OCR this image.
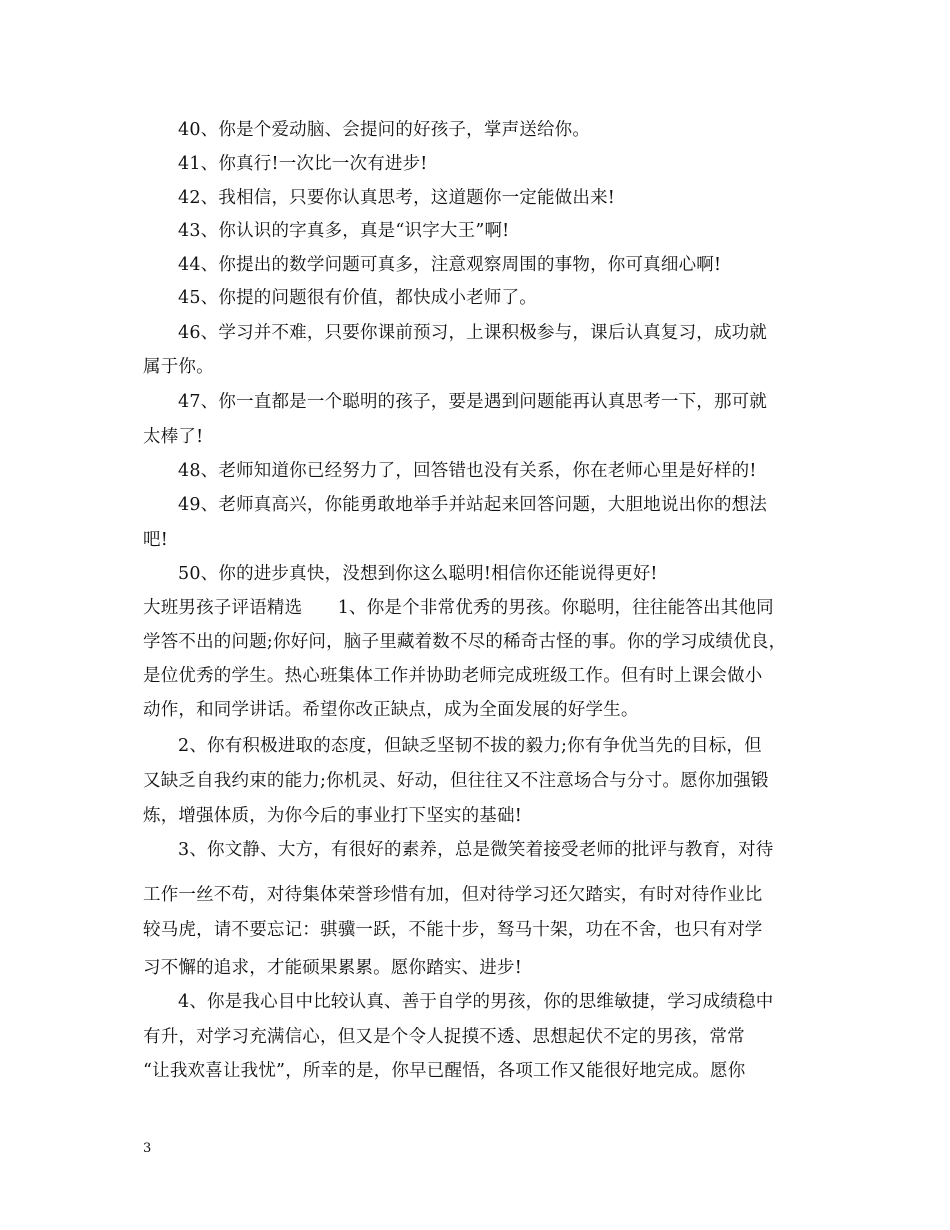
40、你是个爱动脑、会提问的好孩子，掌声送给你。
41、你真行!一次比一次有进步!
42、我相信，只要你认真思考，这道题你一定能做出来!
43、你认识的字真多，真是“识字大王”啊!
44、你提出的数学问题可真多，注意观察周围的事物，你可真细心啊!
45、你提的问题很有价值，都快成小老师了。
46、学习并不难，只要你课前预习，上课积极参与，课后认真复习，成功就
属于你。
47、你一直都是一个聪明的孩子，要是遇到问题能再认真思考一下，那可就
太棒了!
48、老师知道你已经努力了，回答错也没有关系，你在老师心里是好样的!
49、老师真高兴，你能勇敢地举手并站起来回答问题，大胆地说出你的想法
吧!
50、你的进步真快，没想到你这么聪明!相信你还能说得更好!
大班男孩子评语精选　　1、你是个非常优秀的男孩。你聪明，往往能答出其他同
学答不出的问题;你好问，脑子里藏着数不尽的稀奇古怪的事。你的学习成绩优良，
是位优秀的学生。热心班集体工作并协助老师完成班级工作。但有时上课会做小
动作，和同学讲话。希望你改正缺点，成为全面发展的好学生。
2、你有积极进取的态度，但缺乏坚韧不拔的毅力;你有争优当先的目标，但
又缺乏自我约束的能力;你机灵、好动，但往往又不注意场合与分寸。愿你加强锻
炼，增强体质，为你今后的事业打下坚实的基础!
3、你文静、大方，有很好的素养，总是微笑着接受老师的批评与教育，对待
工作一丝不苟，对待集体荣誉珍惜有加，但对待学习还欠踏实，有时对待作业比
较马虎，请不要忘记：骐骥一跃，不能十步，驽马十架，功在不舍，也只有对学
习不懈的追求，才能硕果累累。愿你踏实、进步!
4、你是我心目中比较认真、善于自学的男孩，你的思维敏捷，学习成绩稳中
有升，对学习充满信心，但又是个令人捉摸不透、思想起伏不定的男孩，常常
“让我欢喜让我忧”，所幸的是，你早已醒悟，各项工作又能很好地完成。愿你
3
